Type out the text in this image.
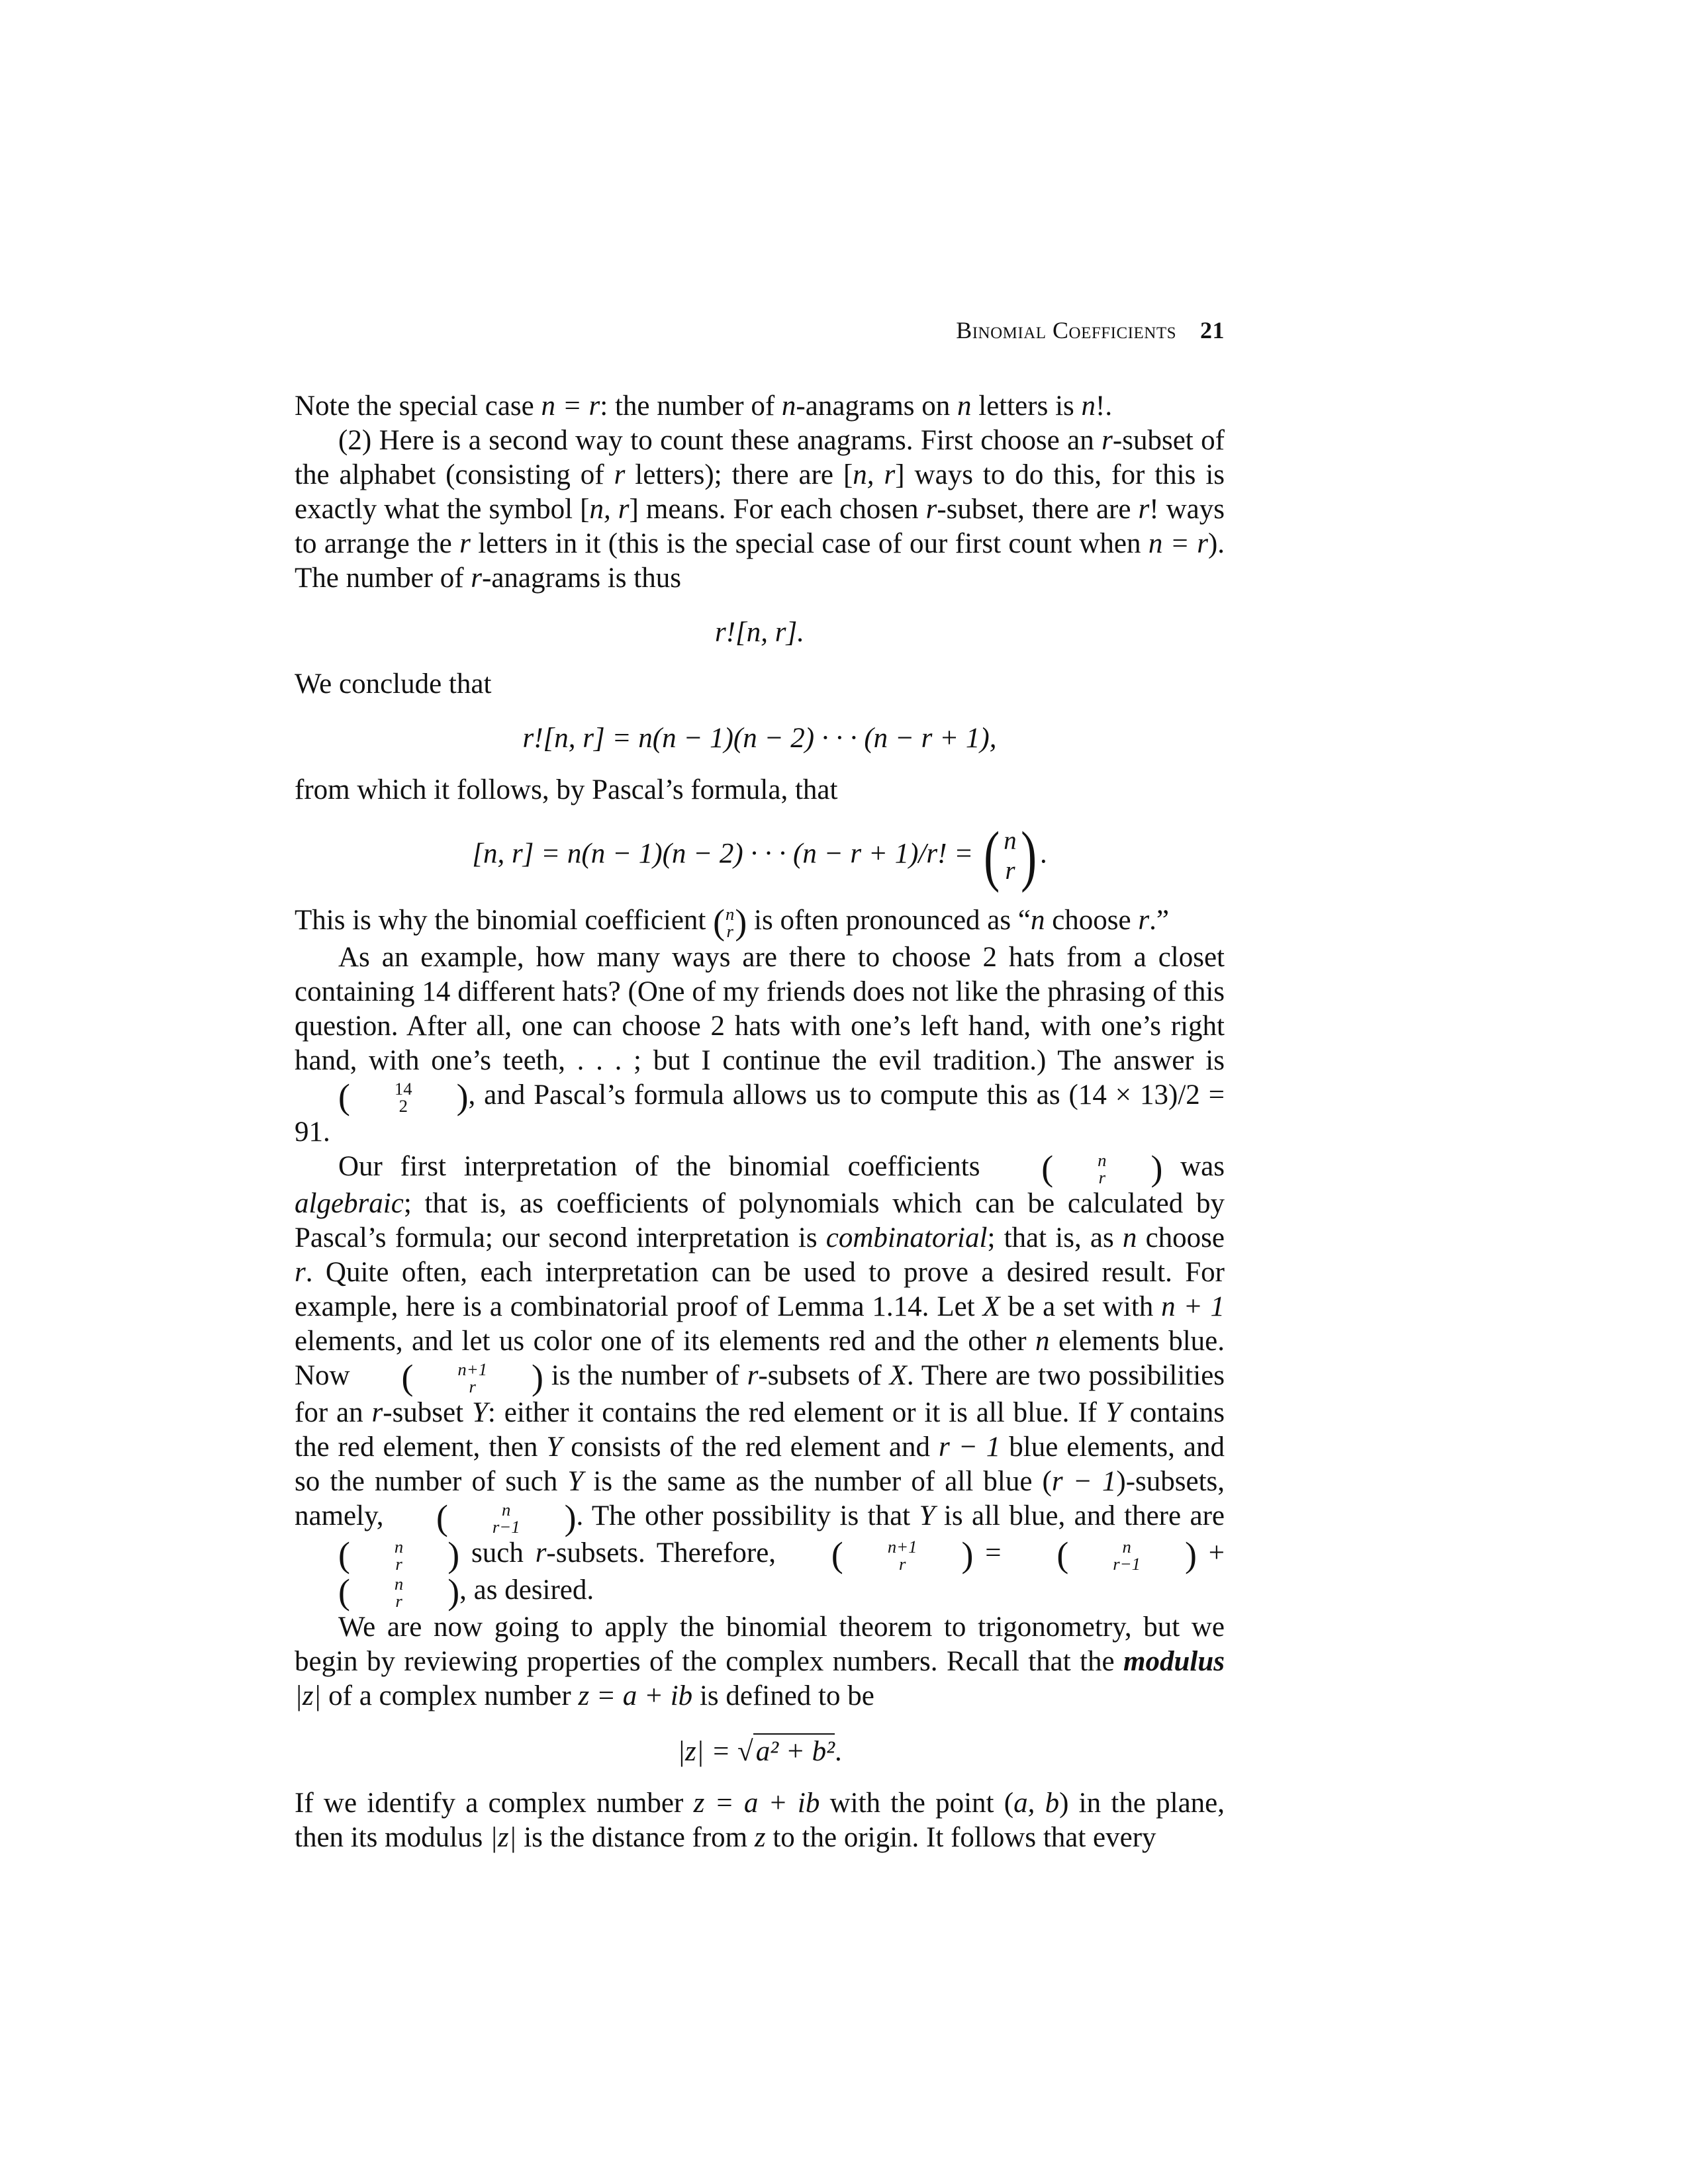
Binomial Coefficients 21

Note the special case n = r: the number of n-anagrams on n letters is n!.

(2) Here is a second way to count these anagrams. First choose an r-subset of the alphabet (consisting of r letters); there are [n, r] ways to do this, for this is exactly what the symbol [n, r] means. For each chosen r-subset, there are r! ways to arrange the r letters in it (this is the special case of our first count when n = r). The number of r-anagrams is thus

r![n, r].

We conclude that

r![n, r] = n(n − 1)(n − 2) · · · (n − r + 1),

from which it follows, by Pascal’s formula, that

[n, r] = n(n − 1)(n − 2) · · · (n − r + 1)/r! = ( n
r ) .

This is why the binomial coefficient ( n
r ) is often pronounced as “n choose r.”

As an example, how many ways are there to choose 2 hats from a closet containing 14 different hats? (One of my friends does not like the phrasing of this question. After all, one can choose 2 hats with one’s left hand, with one’s right hand, with one’s teeth, . . . ; but I continue the evil tradition.) The answer is
(	14
2	) , and Pascal’s formula allows us to compute this as (14 × 13)/2 = 91.

Our first interpretation of the binomial coefficients	(	n
r	) was algebraic; that is, as coefficients of polynomials which can be calculated by Pascal’s formula; our second interpretation is combinatorial; that is, as n choose r. Quite often, each interpretation can be used to prove a desired result. For example, here is a combinatorial proof of Lemma 1.14. Let X be a set with n + 1 elements, and let us color one of its elements red and the other n elements blue. Now	(	n+1
r	) is the number of r-subsets of X. There are two possibilities for an r-subset Y: either it contains the red element or it is all blue. If Y contains the red element, then Y consists of the red element and r − 1 blue elements, and so the number of such Y is the same as the number of all blue (r − 1)-subsets, namely,	(	n
r−1	) . The other possibility is that Y is all blue, and there are
(	n
r	) such r-subsets. Therefore,	(	n+1
r	) =	(	n
r−1	) +
(	n
r	) , as desired.

We are now going to apply the binomial theorem to trigonometry, but we begin by reviewing properties of the complex numbers. Recall that the modulus |z| of a complex number z = a + ib is defined to be

|z| = √a² + b².

If we identify a complex number z = a + ib with the point (a, b) in the plane, then its modulus |z| is the distance from z to the origin. It follows that every
